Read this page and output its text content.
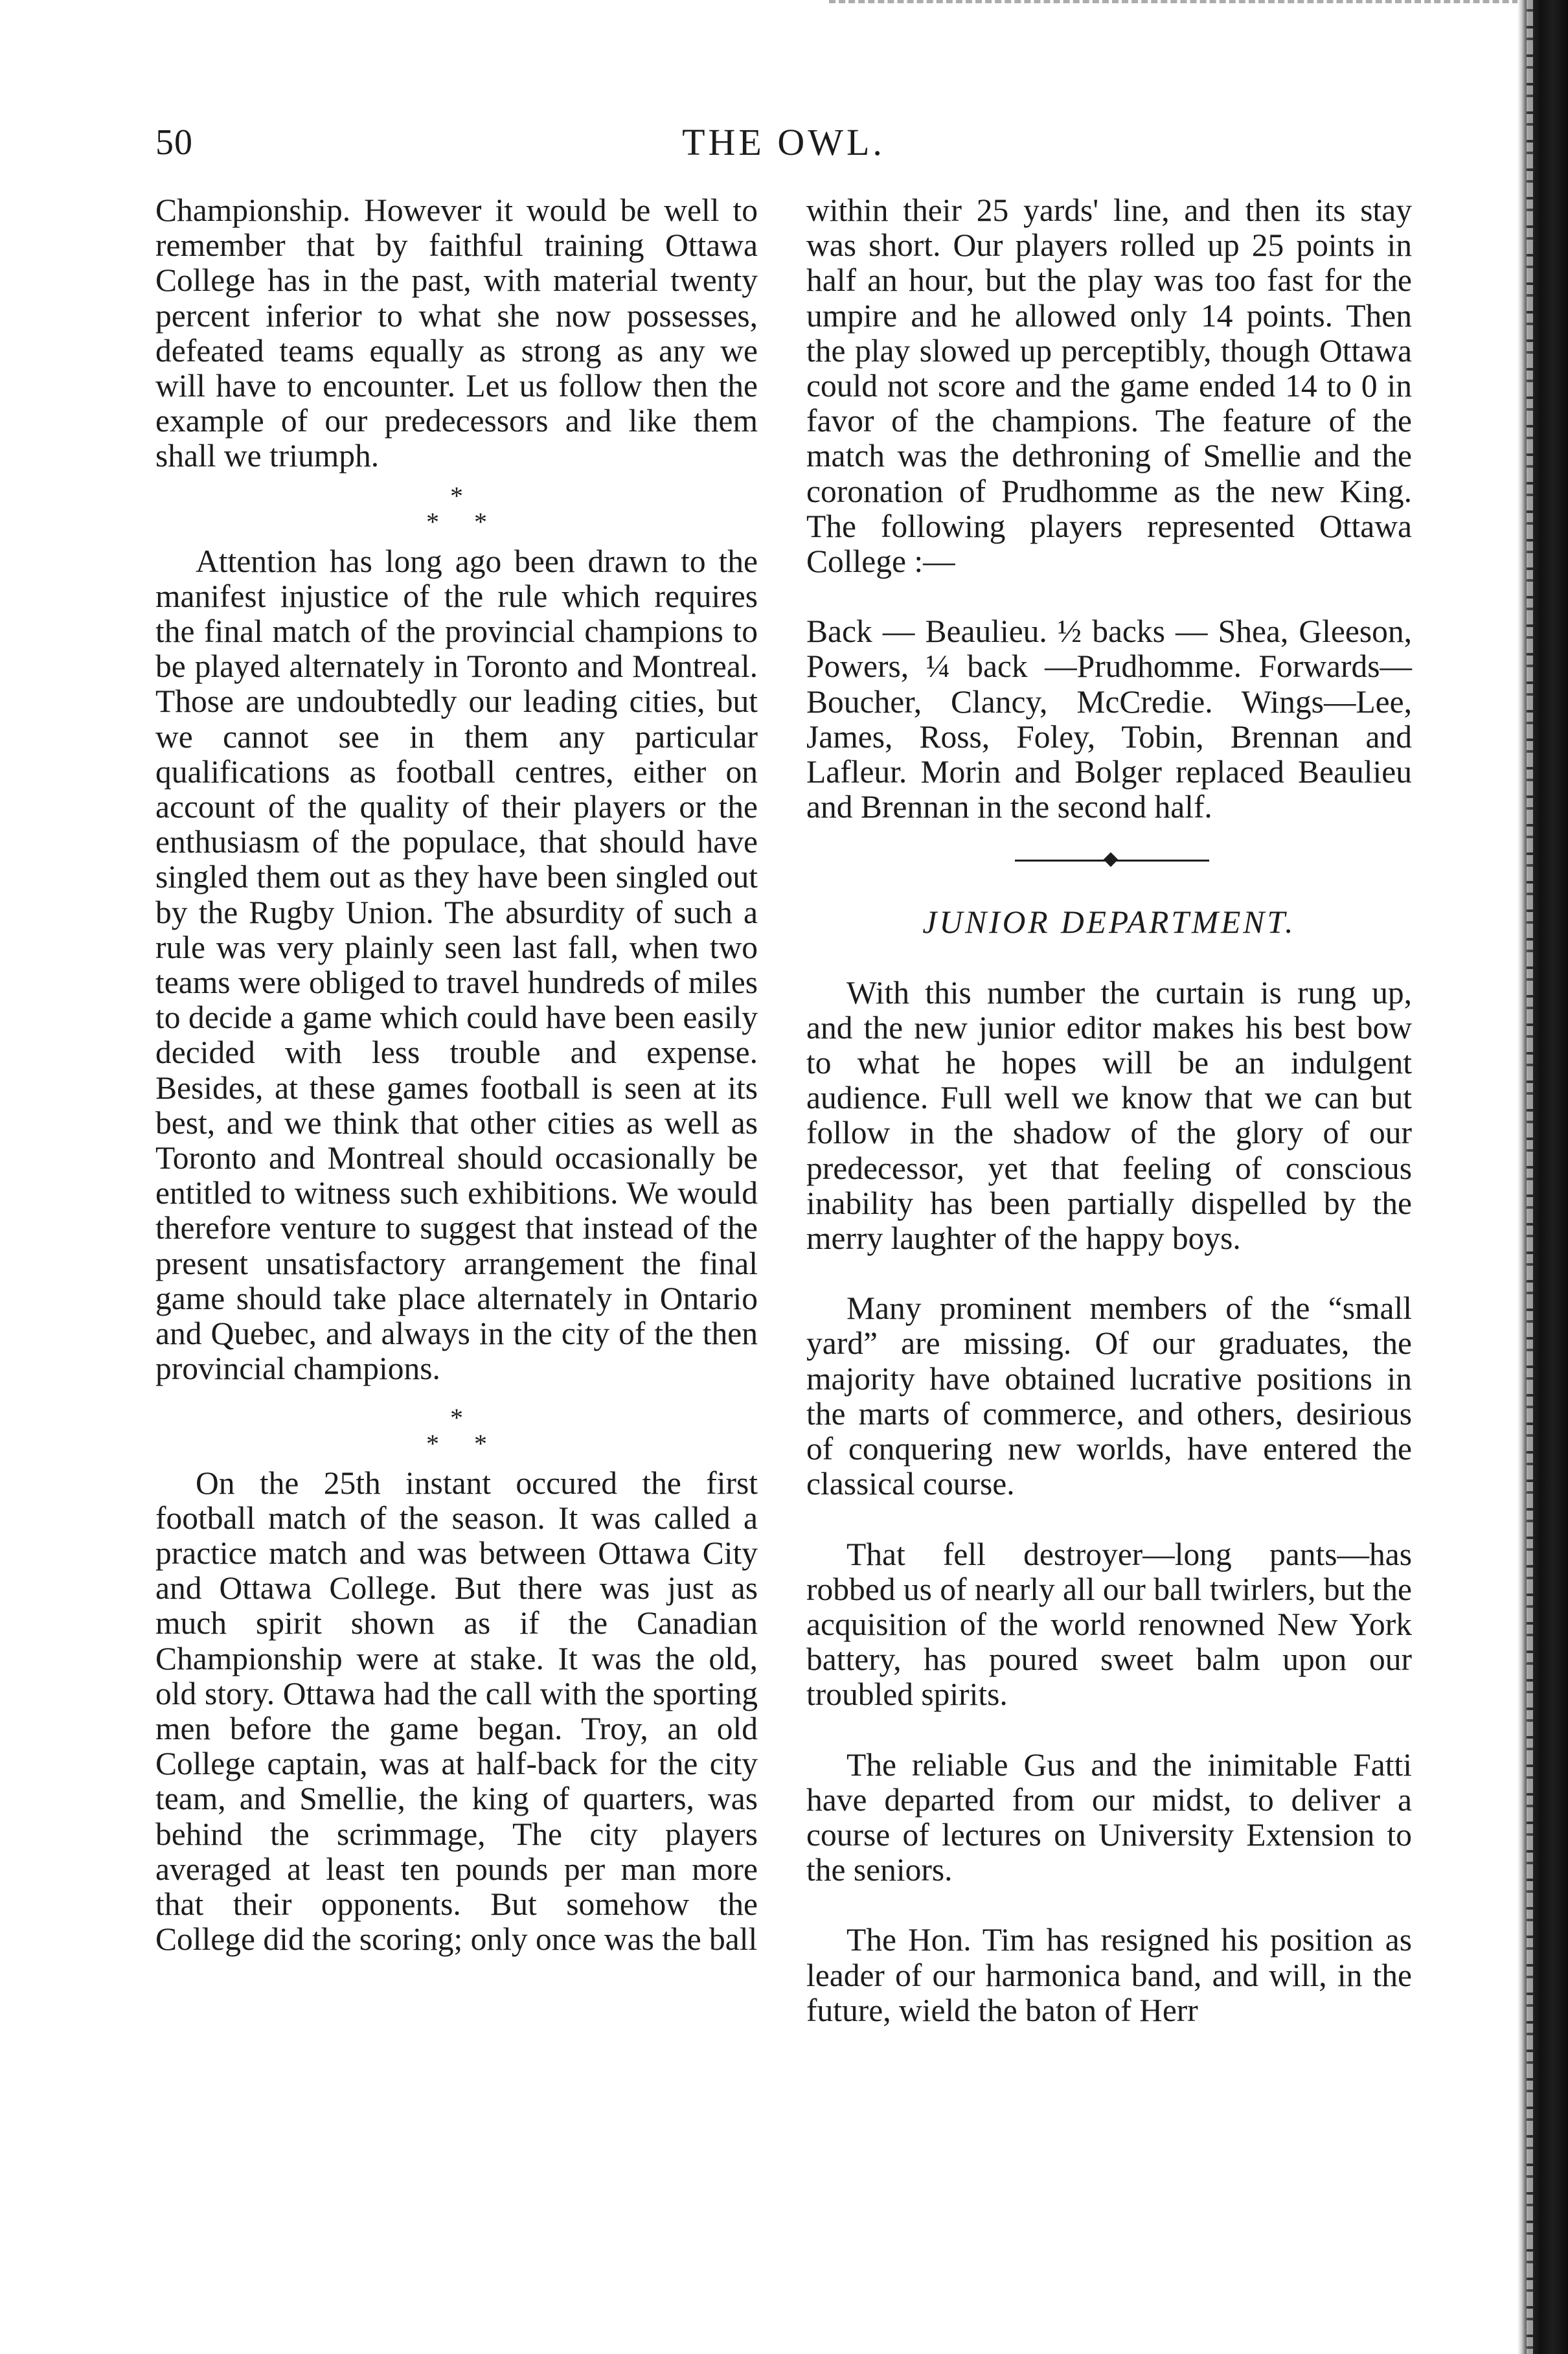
50	THE OWL.

Championship. However it would be well to remember that by faithful training Ottawa College has in the past, with material twenty percent inferior to what she now possesses, defeated teams equally as strong as any we will have to encounter. Let us follow then the example of our predecessors and like them shall we triumph.

*
* *

Attention has long ago been drawn to the manifest injustice of the rule which requires the final match of the provincial champions to be played alternately in Toronto and Montreal. Those are undoubtedly our leading cities, but we cannot see in them any particular qualifications as football centres, either on account of the quality of their players or the enthusiasm of the populace, that should have singled them out as they have been singled out by the Rugby Union. The absurdity of such a rule was very plainly seen last fall, when two teams were obliged to travel hundreds of miles to decide a game which could have been easily decided with less trouble and expense. Besides, at these games football is seen at its best, and we think that other cities as well as Toronto and Montreal should occasionally be entitled to witness such exhibitions. We would therefore venture to suggest that instead of the present unsatisfactory arrangement the final game should take place alternately in Ontario and Quebec, and always in the city of the then provincial champions.

*
* *

On the 25th instant occured the first football match of the season. It was called a practice match and was between Ottawa City and Ottawa College. But there was just as much spirit shown as if the Canadian Championship were at stake. It was the old, old story. Ottawa had the call with the sporting men before the game began. Troy, an old College captain, was at half-back for the city team, and Smellie, the king of quarters, was behind the scrimmage, The city players averaged at least ten pounds per man more that their opponents. But somehow the College did the scoring; only once was the ball

within their 25 yards' line, and then its stay was short. Our players rolled up 25 points in half an hour, but the play was too fast for the umpire and he allowed only 14 points. Then the play slowed up perceptibly, though Ottawa could not score and the game ended 14 to 0 in favor of the champions. The feature of the match was the dethroning of Smellie and the coronation of Prudhomme as the new King. The following players represented Ottawa College :—

Back — Beaulieu. ½ backs — Shea, Gleeson, Powers, ¼ back —Prudhomme. Forwards—Boucher, Clancy, McCredie. Wings—Lee, James, Ross, Foley, Tobin, Brennan and Lafleur. Morin and Bolger replaced Beaulieu and Brennan in the second half.

JUNIOR DEPARTMENT.

With this number the curtain is rung up, and the new junior editor makes his best bow to what he hopes will be an indulgent audience. Full well we know that we can but follow in the shadow of the glory of our predecessor, yet that feeling of conscious inability has been partially dispelled by the merry laughter of the happy boys.

Many prominent members of the “small yard” are missing. Of our graduates, the majority have obtained lucrative positions in the marts of commerce, and others, desirious of conquering new worlds, have entered the classical course.

That fell destroyer—long pants—has robbed us of nearly all our ball twirlers, but the acquisition of the world renowned New York battery, has poured sweet balm upon our troubled spirits.

The reliable Gus and the inimitable Fatti have departed from our midst, to deliver a course of lectures on University Extension to the seniors.

The Hon. Tim has resigned his position as leader of our harmonica band, and will, in the future, wield the baton of Herr
